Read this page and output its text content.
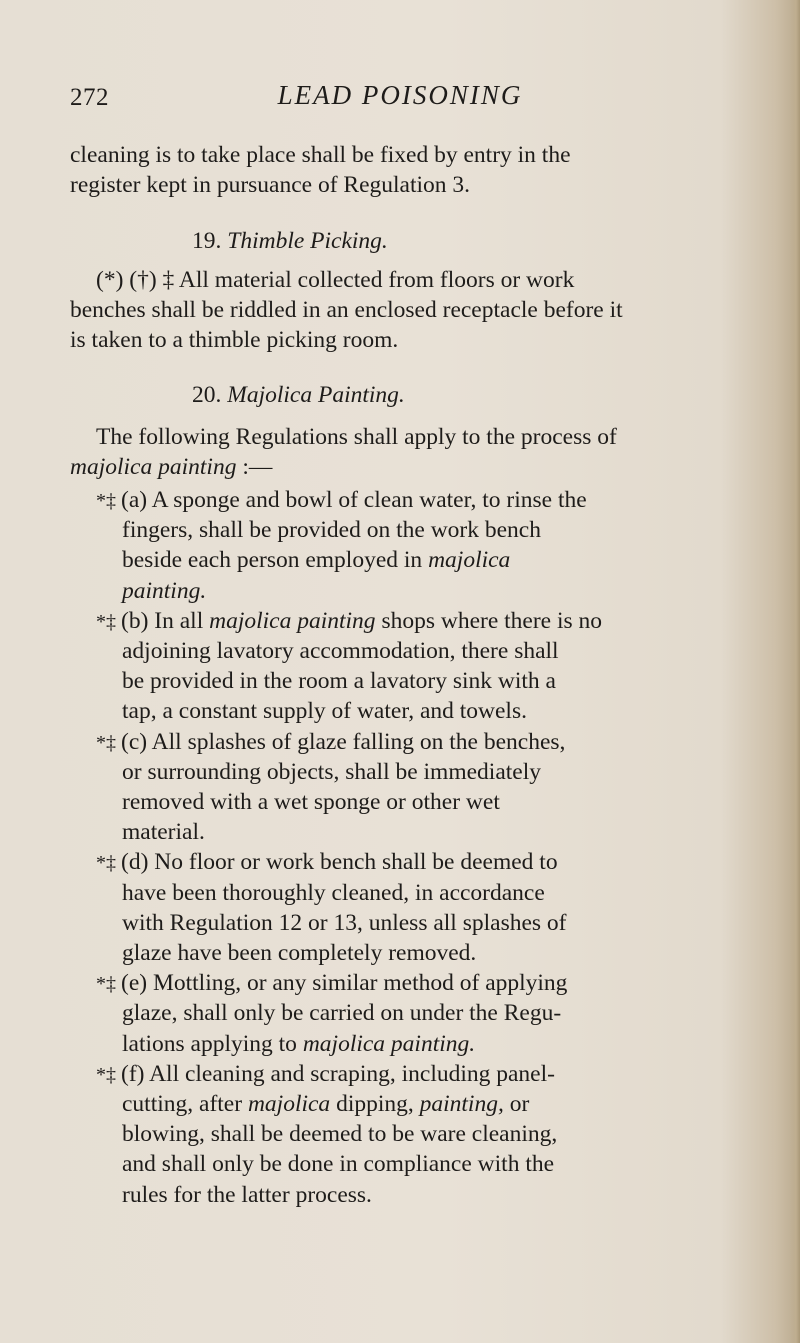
272	LEAD POISONING
cleaning is to take place shall be fixed by entry in the
register kept in pursuance of Regulation 3.
19. Thimble Picking.
(*) (†) ‡ All material collected from floors or work
benches shall be riddled in an enclosed receptacle before it
is taken to a thimble picking room.
20. Majolica Painting.
The following Regulations shall apply to the process of
majolica painting :—
*‡ (a) A sponge and bowl of clean water, to rinse the
fingers, shall be provided on the work bench
beside each person employed in majolica
painting.
*‡ (b) In all majolica painting shops where there is no
adjoining lavatory accommodation, there shall
be provided in the room a lavatory sink with a
tap, a constant supply of water, and towels.
*‡ (c) All splashes of glaze falling on the benches,
or surrounding objects, shall be immediately
removed with a wet sponge or other wet
material.
*‡ (d) No floor or work bench shall be deemed to
have been thoroughly cleaned, in accordance
with Regulation 12 or 13, unless all splashes of
glaze have been completely removed.
*‡ (e) Mottling, or any similar method of applying
glaze, shall only be carried on under the Regu-
lations applying to majolica painting.
*‡ (f) All cleaning and scraping, including panel-
cutting, after majolica dipping, painting, or
blowing, shall be deemed to be ware cleaning,
and shall only be done in compliance with the
rules for the latter process.
